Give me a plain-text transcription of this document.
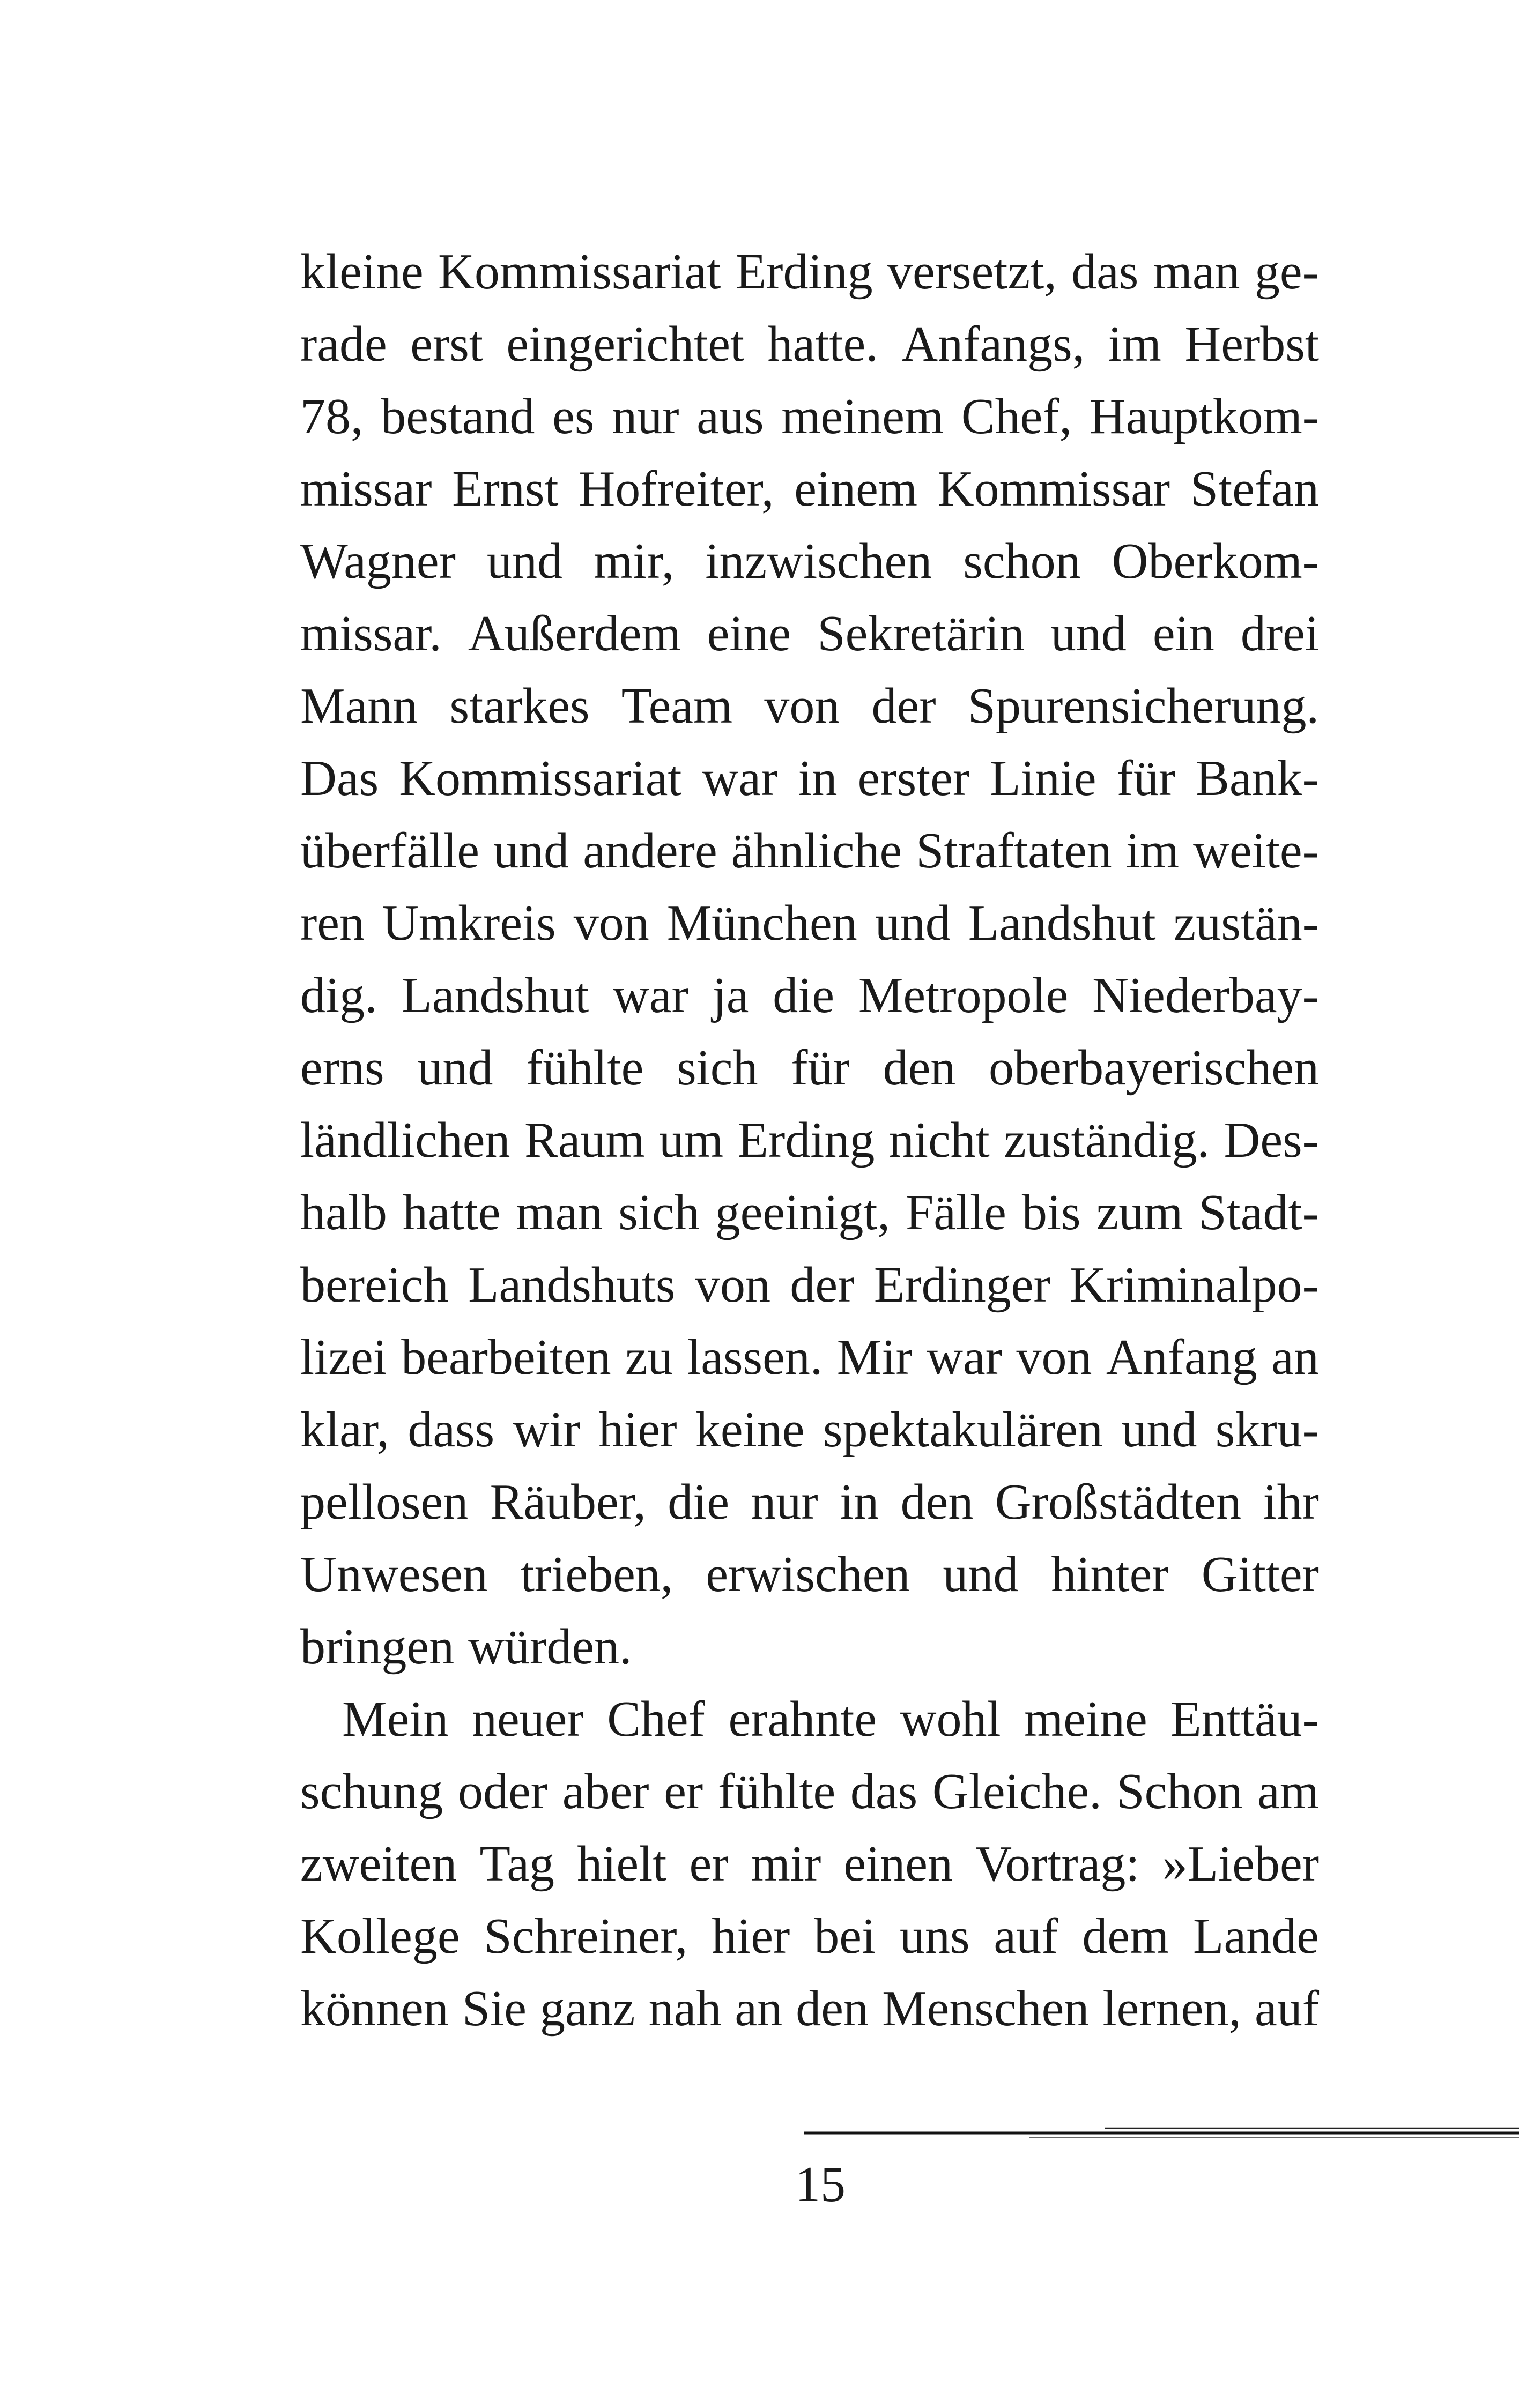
kleine Kommissariat Erding versetzt, das man ge-
rade erst eingerichtet hatte. Anfangs, im Herbst
78, bestand es nur aus meinem Chef, Hauptkom-
missar Ernst Hofreiter, einem Kommissar Stefan
Wagner und mir, inzwischen schon Oberkom-
missar. Außerdem eine Sekretärin und ein drei
Mann starkes Team von der Spurensicherung.
Das Kommissariat war in erster Linie für Bank-
überfälle und andere ähnliche Straftaten im weite-
ren Umkreis von München und Landshut zustän-
dig. Landshut war ja die Metropole Niederbay-
erns und fühlte sich für den oberbayerischen
ländlichen Raum um Erding nicht zuständig. Des-
halb hatte man sich geeinigt, Fälle bis zum Stadt-
bereich Landshuts von der Erdinger Kriminalpo-
lizei bearbeiten zu lassen. Mir war von Anfang an
klar, dass wir hier keine spektakulären und skru-
pellosen Räuber, die nur in den Großstädten ihr
Unwesen trieben, erwischen und hinter Gitter
bringen würden.
Mein neuer Chef erahnte wohl meine Enttäu-
schung oder aber er fühlte das Gleiche. Schon am
zweiten Tag hielt er mir einen Vortrag: »Lieber
Kollege Schreiner, hier bei uns auf dem Lande
können Sie ganz nah an den Menschen lernen, auf
15
